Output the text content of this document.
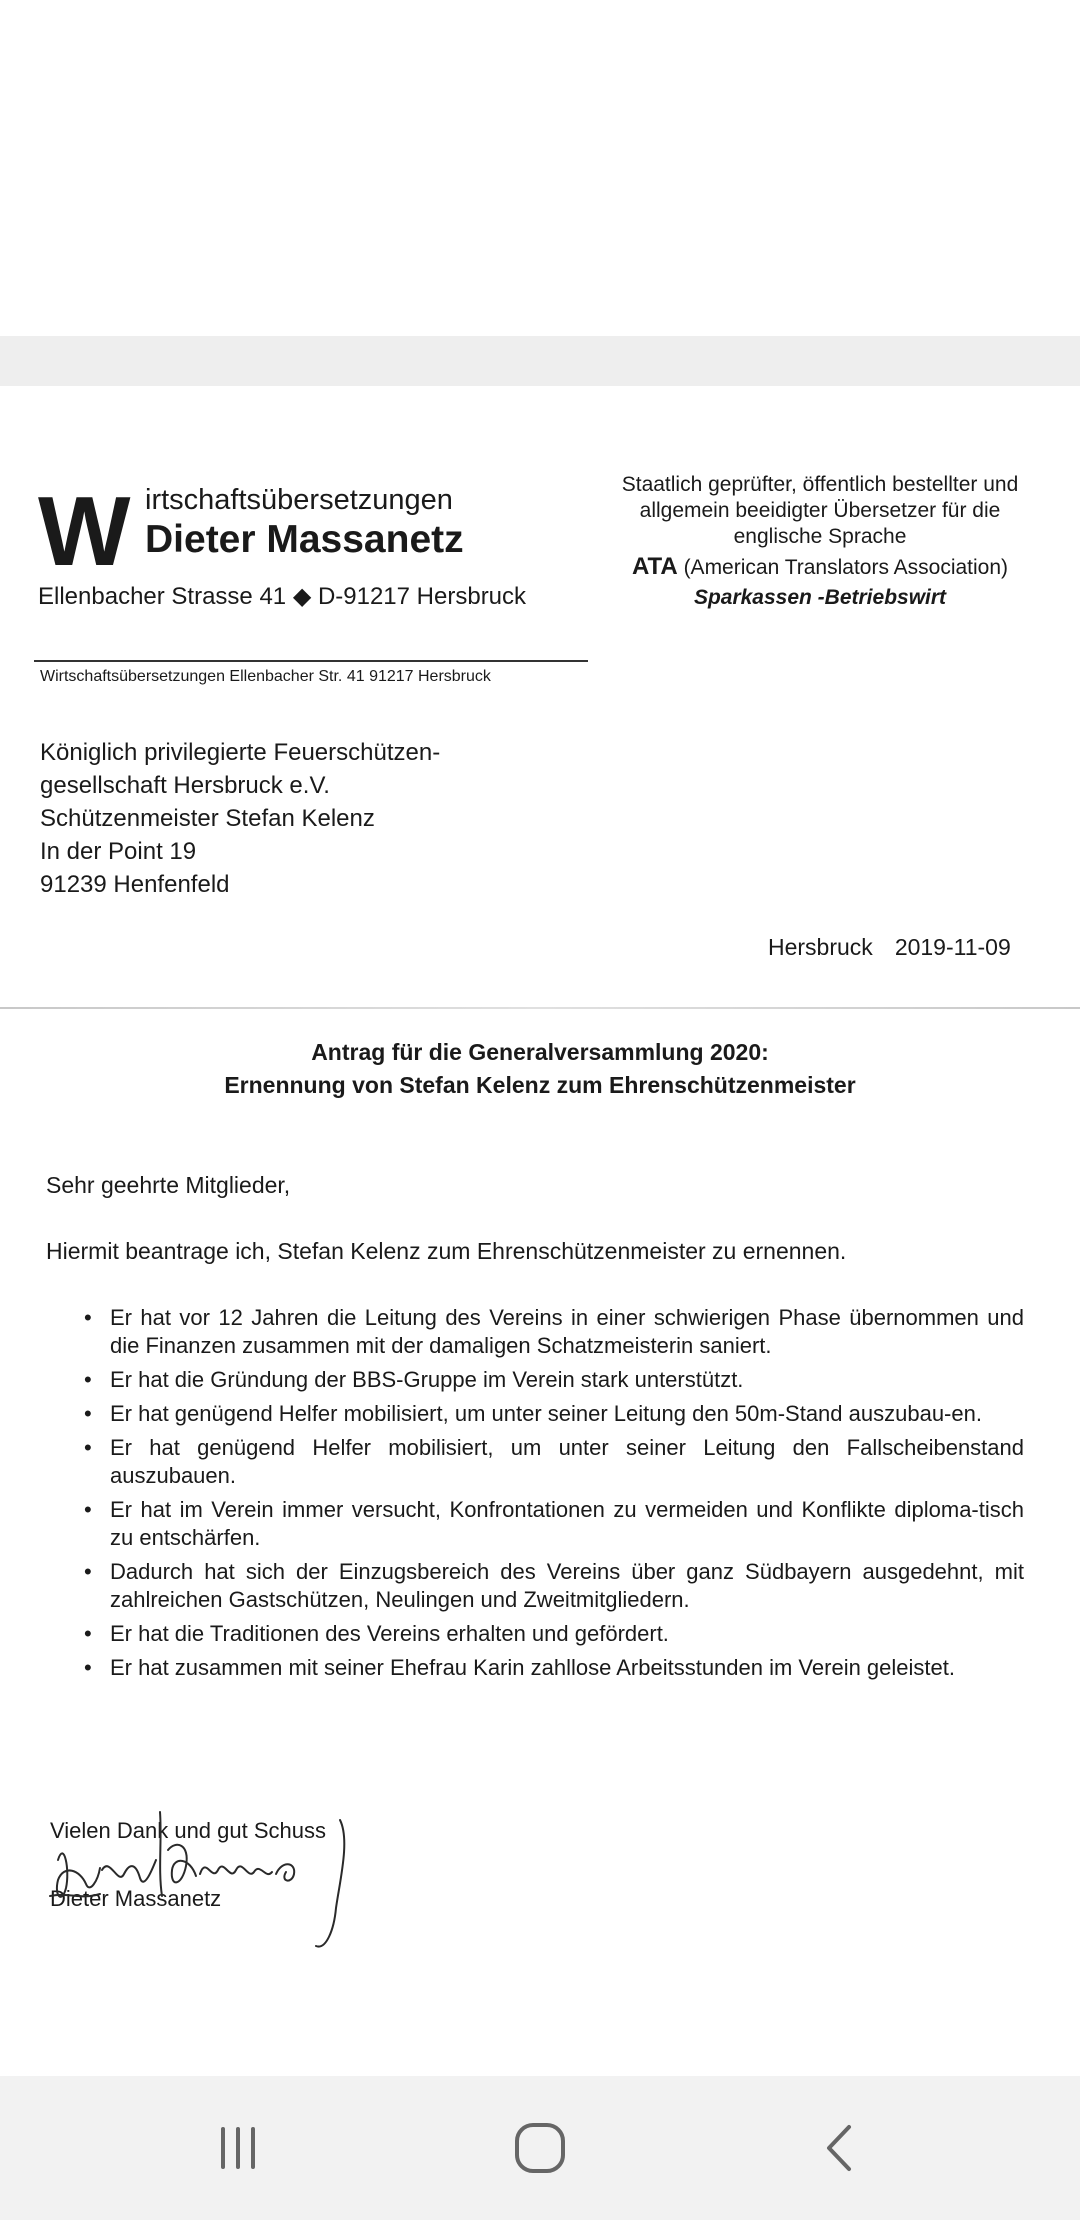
W irtschaftsübersetzungen
Dieter Massanetz
Ellenbacher Strasse 41 ◆ D-91217 Hersbruck
Staatlich geprüfter, öffentlich bestellter und
allgemein beeidigter Übersetzer für die
englische Sprache
ATA (American Translators Association)
Sparkassen -Betriebswirt
Wirtschaftsübersetzungen Ellenbacher Str. 41 91217 Hersbruck
Königlich privilegierte Feuerschützen-
gesellschaft Hersbruck e.V.
Schützenmeister Stefan Kelenz
In der Point 19
91239 Henfenfeld
Hersbruck 2019-11-09
Antrag für die Generalversammlung 2020:
Ernennung von Stefan Kelenz zum Ehrenschützenmeister
Sehr geehrte Mitglieder,
Hiermit beantrage ich, Stefan Kelenz zum Ehrenschützenmeister zu ernennen.
• Er hat vor 12 Jahren die Leitung des Vereins in einer schwierigen Phase übernommen und die Finanzen zusammen mit der damaligen Schatzmeisterin saniert.
• Er hat die Gründung der BBS-Gruppe im Verein stark unterstützt.
• Er hat genügend Helfer mobilisiert, um unter seiner Leitung den 50m-Stand auszubau-en.
• Er hat genügend Helfer mobilisiert, um unter seiner Leitung den Fallscheibenstand auszubauen.
• Er hat im Verein immer versucht, Konfrontationen zu vermeiden und Konflikte diploma-tisch zu entschärfen.
• Dadurch hat sich der Einzugsbereich des Vereins über ganz Südbayern ausgedehnt, mit zahlreichen Gastschützen, Neulingen und Zweitmitgliedern.
• Er hat die Traditionen des Vereins erhalten und gefördert.
• Er hat zusammen mit seiner Ehefrau Karin zahllose Arbeitsstunden im Verein geleistet.
Vielen Dank und gut Schuss
Dieter Massanetz
